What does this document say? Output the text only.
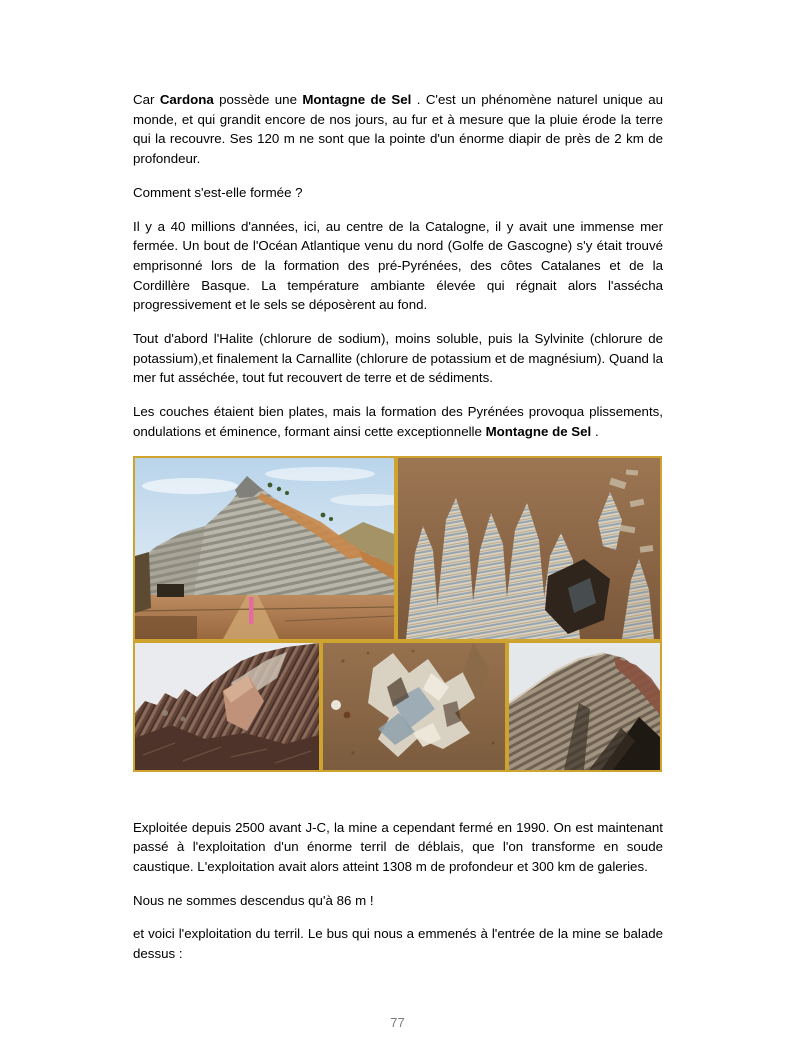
Car Cardona possède une Montagne de Sel . C'est un phénomène naturel unique au monde, et qui grandit encore de nos jours, au fur et à mesure que la pluie érode la terre qui la recouvre. Ses 120 m ne sont que la pointe d'un énorme diapir de près de 2 km de profondeur.

Comment s'est-elle formée ?

Il y a 40 millions d'années, ici, au centre de la Catalogne, il y avait une immense mer fermée. Un bout de l'Océan Atlantique venu du nord (Golfe de Gascogne) s'y était trouvé emprisonné lors de la formation des pré-Pyrénées, des côtes Catalanes et de la Cordillère Basque. La température ambiante élevée qui régnait alors l'assécha progressivement et le sels se déposèrent au fond.

Tout d'abord l'Halite (chlorure de sodium), moins soluble, puis la Sylvinite (chlorure de potassium),et finalement la Carnallite (chlorure de potassium et de magnésium). Quand la mer fut asséchée, tout fut recouvert de terre et de sédiments.

Les couches étaient bien plates, mais la formation des Pyrénées provoqua plissements, ondulations et éminence, formant ainsi cette exceptionnelle Montagne de Sel .

Exploitée depuis 2500 avant J-C, la mine a cependant fermé en 1990. On est maintenant passé à l'exploitation d'un énorme terril de déblais, que l'on transforme en soude caustique. L'exploitation avait alors atteint 1308 m de profondeur et 300 km de galeries.

Nous ne sommes descendus qu'à 86 m !

et voici l'exploitation du terril. Le bus qui nous a emmenés à l'entrée de la mine se balade dessus :

77
